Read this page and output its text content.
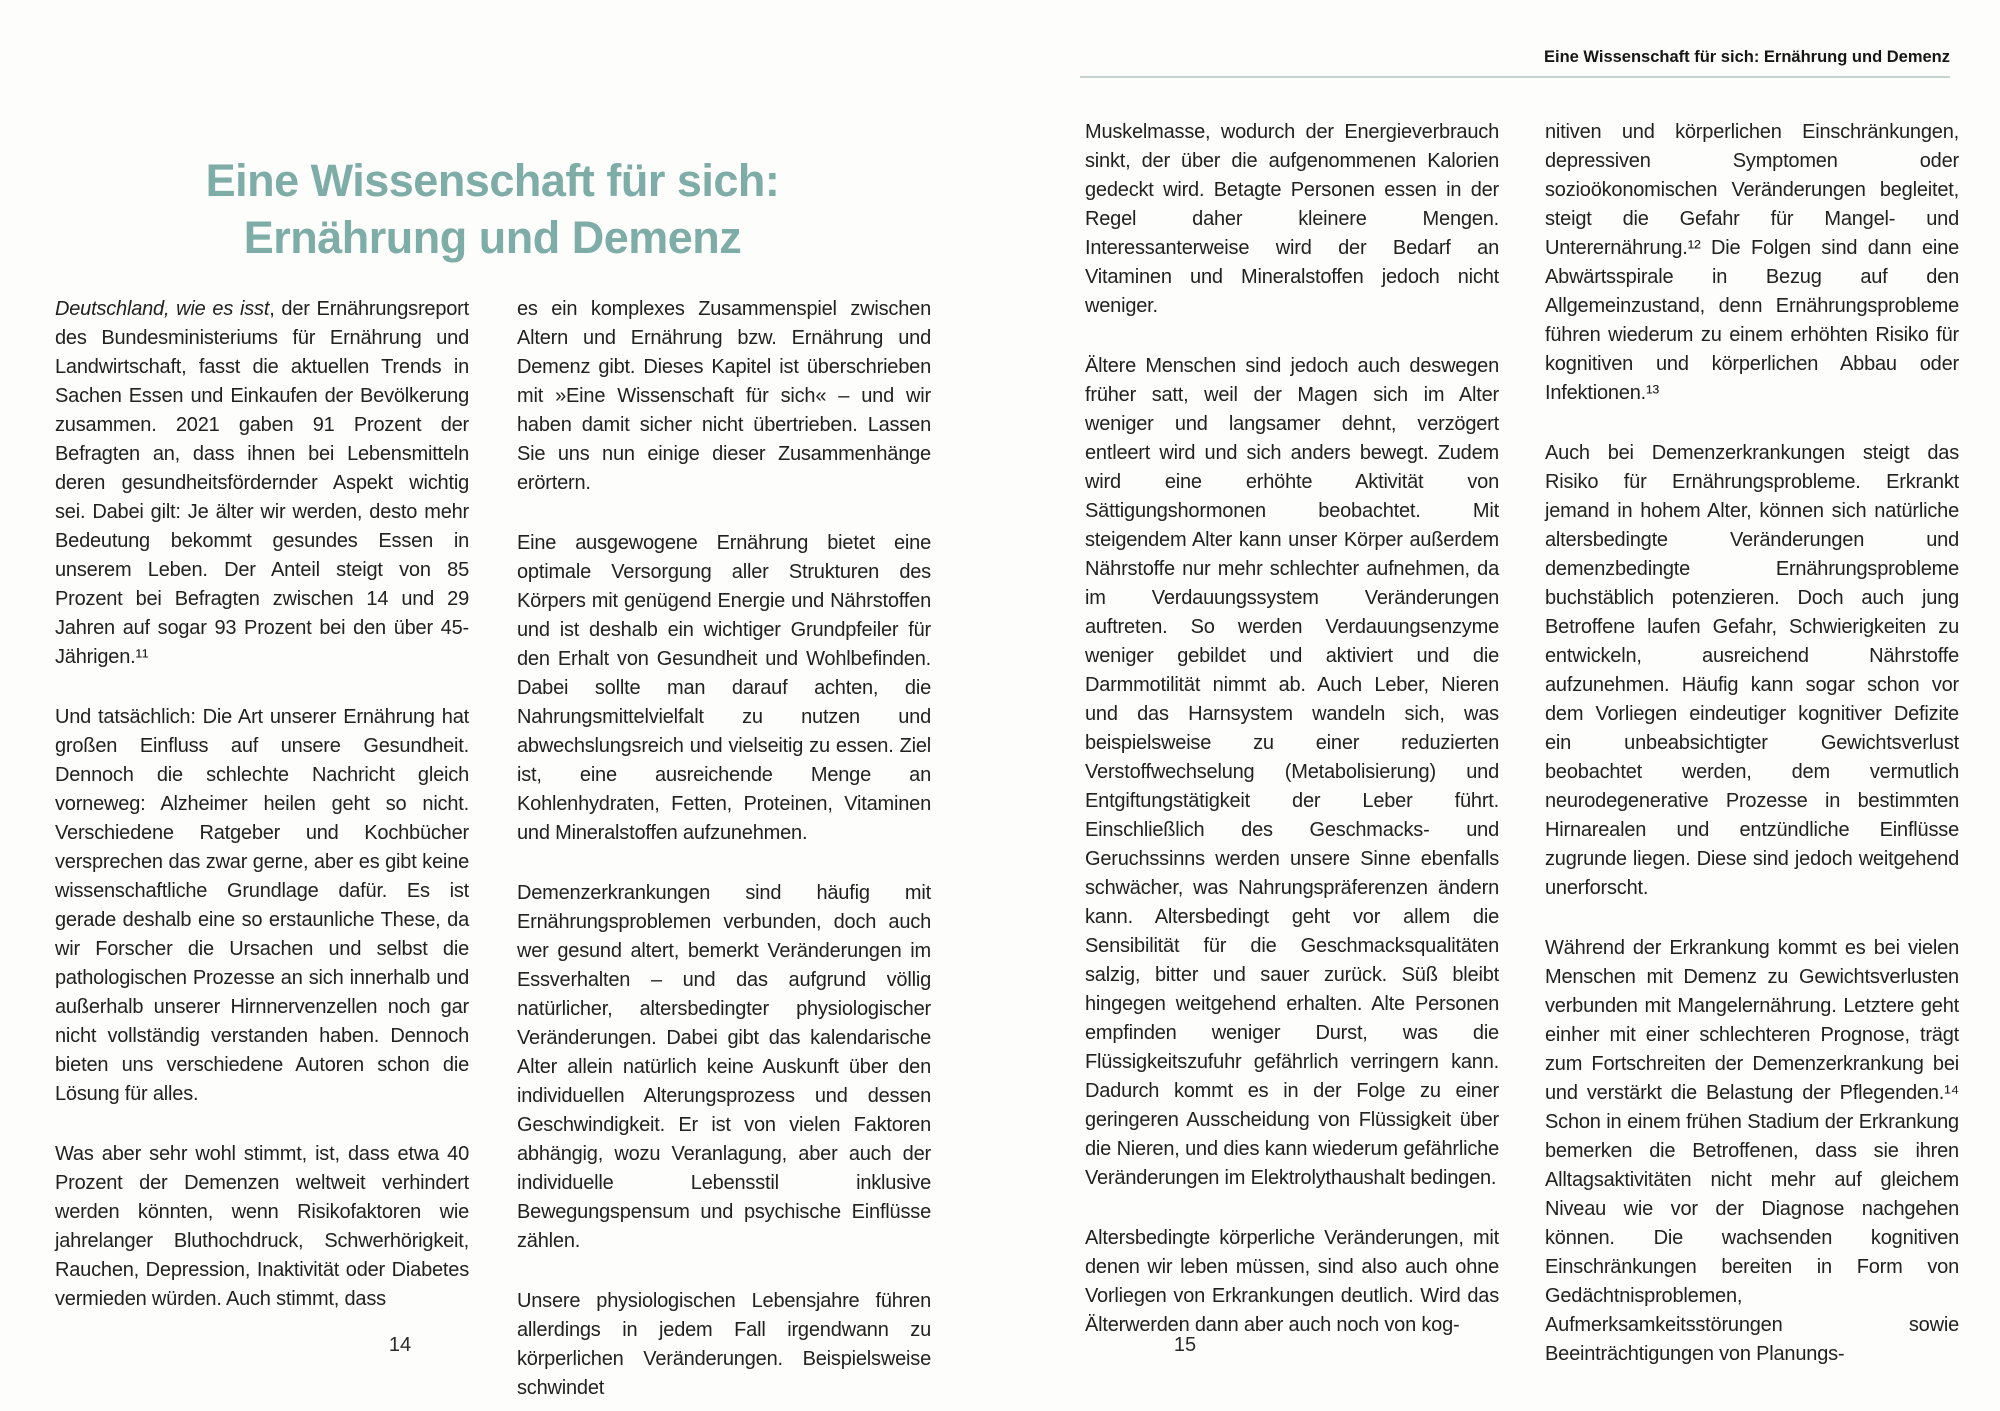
Eine Wissenschaft für sich:
Ernährung und Demenz

Deutschland, wie es isst, der Ernährungsreport des Bundesministeriums für Ernährung und Landwirtschaft, fasst die aktuellen Trends in Sachen Essen und Einkaufen der Bevölkerung zusammen. 2021 gaben 91 Prozent der Befragten an, dass ihnen bei Lebensmitteln deren gesundheitsfördernder Aspekt wichtig sei. Dabei gilt: Je älter wir werden, desto mehr Bedeutung bekommt gesundes Essen in unserem Leben. Der Anteil steigt von 85 Prozent bei Befragten zwischen 14 und 29 Jahren auf sogar 93 Prozent bei den über 45-Jährigen.¹¹

Und tatsächlich: Die Art unserer Ernährung hat großen Einfluss auf unsere Gesundheit. Dennoch die schlechte Nachricht gleich vorneweg: Alzheimer heilen geht so nicht. Verschiedene Ratgeber und Kochbücher versprechen das zwar gerne, aber es gibt keine wissenschaftliche Grundlage dafür. Es ist gerade deshalb eine so erstaunliche These, da wir Forscher die Ursachen und selbst die pathologischen Prozesse an sich innerhalb und außerhalb unserer Hirnnervenzellen noch gar nicht vollständig verstanden haben. Dennoch bieten uns verschiedene Autoren schon die Lösung für alles.

Was aber sehr wohl stimmt, ist, dass etwa 40 Prozent der Demenzen weltweit verhindert werden könnten, wenn Risikofaktoren wie jahrelanger Bluthochdruck, Schwerhörigkeit, Rauchen, Depression, Inaktivität oder Diabetes vermieden würden. Auch stimmt, dass

es ein komplexes Zusammenspiel zwischen Altern und Ernährung bzw. Ernährung und Demenz gibt. Dieses Kapitel ist überschrieben mit »Eine Wissenschaft für sich« – und wir haben damit sicher nicht übertrieben. Lassen Sie uns nun einige dieser Zusammenhänge erörtern.

Eine ausgewogene Ernährung bietet eine optimale Versorgung aller Strukturen des Körpers mit genügend Energie und Nährstoffen und ist deshalb ein wichtiger Grundpfeiler für den Erhalt von Gesundheit und Wohlbefinden. Dabei sollte man darauf achten, die Nahrungsmittelvielfalt zu nutzen und abwechslungsreich und vielseitig zu essen. Ziel ist, eine ausreichende Menge an Kohlenhydraten, Fetten, Proteinen, Vitaminen und Mineralstoffen aufzunehmen.

Demenzerkrankungen sind häufig mit Ernährungsproblemen verbunden, doch auch wer gesund altert, bemerkt Veränderungen im Essverhalten – und das aufgrund völlig natürlicher, altersbedingter physiologischer Veränderungen. Dabei gibt das kalendarische Alter allein natürlich keine Auskunft über den individuellen Alterungsprozess und dessen Geschwindigkeit. Er ist von vielen Faktoren abhängig, wozu Veranlagung, aber auch der individuelle Lebensstil inklusive Bewegungspensum und psychische Einflüsse zählen.

Unsere physiologischen Lebensjahre führen allerdings in jedem Fall irgendwann zu körperlichen Veränderungen. Beispielsweise schwindet

14
Eine Wissenschaft für sich: Ernährung und Demenz

Muskelmasse, wodurch der Energieverbrauch sinkt, der über die aufgenommenen Kalorien gedeckt wird. Betagte Personen essen in der Regel daher kleinere Mengen. Interessanterweise wird der Bedarf an Vitaminen und Mineralstoffen jedoch nicht weniger.

Ältere Menschen sind jedoch auch deswegen früher satt, weil der Magen sich im Alter weniger und langsamer dehnt, verzögert entleert wird und sich anders bewegt. Zudem wird eine erhöhte Aktivität von Sättigungshormonen beobachtet. Mit steigendem Alter kann unser Körper außerdem Nährstoffe nur mehr schlechter aufnehmen, da im Verdauungssystem Veränderungen auftreten. So werden Verdauungsenzyme weniger gebildet und aktiviert und die Darmmotilität nimmt ab. Auch Leber, Nieren und das Harnsystem wandeln sich, was beispielsweise zu einer reduzierten Verstoffwechselung (Metabolisierung) und Entgiftungstätigkeit der Leber führt. Einschließlich des Geschmacks- und Geruchssinns werden unsere Sinne ebenfalls schwächer, was Nahrungspräferenzen ändern kann. Altersbedingt geht vor allem die Sensibilität für die Geschmacksqualitäten salzig, bitter und sauer zurück. Süß bleibt hingegen weitgehend erhalten. Alte Personen empfinden weniger Durst, was die Flüssigkeitszufuhr gefährlich verringern kann. Dadurch kommt es in der Folge zu einer geringeren Ausscheidung von Flüssigkeit über die Nieren, und dies kann wiederum gefährliche Veränderungen im Elektrolythaushalt bedingen.

Altersbedingte körperliche Veränderungen, mit denen wir leben müssen, sind also auch ohne Vorliegen von Erkrankungen deutlich. Wird das Älterwerden dann aber auch noch von kog-

nitiven und körperlichen Einschränkungen, depressiven Symptomen oder sozioökonomischen Veränderungen begleitet, steigt die Gefahr für Mangel- und Unterernährung.¹² Die Folgen sind dann eine Abwärtsspirale in Bezug auf den Allgemeinzustand, denn Ernährungsprobleme führen wiederum zu einem erhöhten Risiko für kognitiven und körperlichen Abbau oder Infektionen.¹³

Auch bei Demenzerkrankungen steigt das Risiko für Ernährungsprobleme. Erkrankt jemand in hohem Alter, können sich natürliche altersbedingte Veränderungen und demenzbedingte Ernährungsprobleme buchstäblich potenzieren. Doch auch jung Betroffene laufen Gefahr, Schwierigkeiten zu entwickeln, ausreichend Nährstoffe aufzunehmen. Häufig kann sogar schon vor dem Vorliegen eindeutiger kognitiver Defizite ein unbeabsichtigter Gewichtsverlust beobachtet werden, dem vermutlich neurodegenerative Prozesse in bestimmten Hirnarealen und entzündliche Einflüsse zugrunde liegen. Diese sind jedoch weitgehend unerforscht.

Während der Erkrankung kommt es bei vielen Menschen mit Demenz zu Gewichtsverlusten verbunden mit Mangelernährung. Letztere geht einher mit einer schlechteren Prognose, trägt zum Fortschreiten der Demenzerkrankung bei und verstärkt die Belastung der Pflegenden.¹⁴ Schon in einem frühen Stadium der Erkrankung bemerken die Betroffenen, dass sie ihren Alltagsaktivitäten nicht mehr auf gleichem Niveau wie vor der Diagnose nachgehen können. Die wachsenden kognitiven Einschränkungen bereiten in Form von Gedächtnisproblemen, Aufmerksamkeitsstörungen sowie Beeinträchtigungen von Planungs-

15
